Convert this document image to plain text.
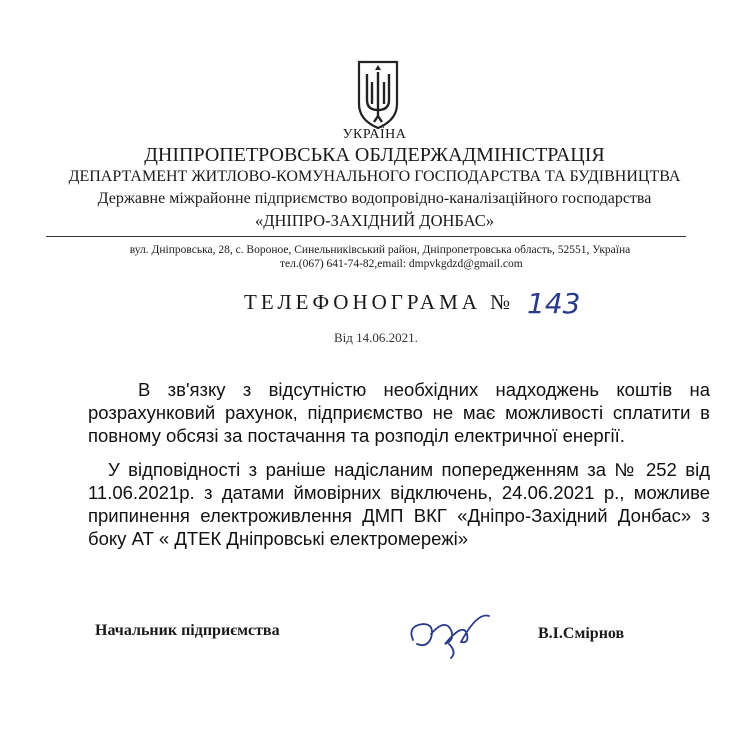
УКРАЇНА
ДНІПРОПЕТРОВСЬКА ОБЛДЕРЖАДМІНІСТРАЦІЯ
ДЕПАРТАМЕНТ ЖИТЛОВО-КОМУНАЛЬНОГО ГОСПОДАРСТВА ТА БУДІВНИЦТВА
Державне міжрайонне підприємство водопровідно-каналізаційного господарства
«ДНІПРО-ЗАХІДНИЙ ДОНБАС»
вул. Дніпровська, 28, с. Вороное, Синельниківський район, Дніпропетровська область, 52551, Україна
тел.(067) 641-74-82,email: dmpvkgdzd@gmail.com
ТЕЛЕФОНОГРАМА № 143
Від 14.06.2021.
В зв'язку з відсутністю необхідних надходжень коштів на розрахунковий рахунок, підприємство не має можливості сплатити в повному обсязі за постачання та розподіл електричної енергії.
У відповідності з раніше надісланим попередженням за № 252 від 11.06.2021р. з датами ймовірних відключень, 24.06.2021 р., можливе припинення електроживлення ДМП ВКГ «Дніпро-Західний Донбас» з боку АТ « ДТЕК Дніпровські електромережі»
Начальник підприємства	В.І.Смірнов
